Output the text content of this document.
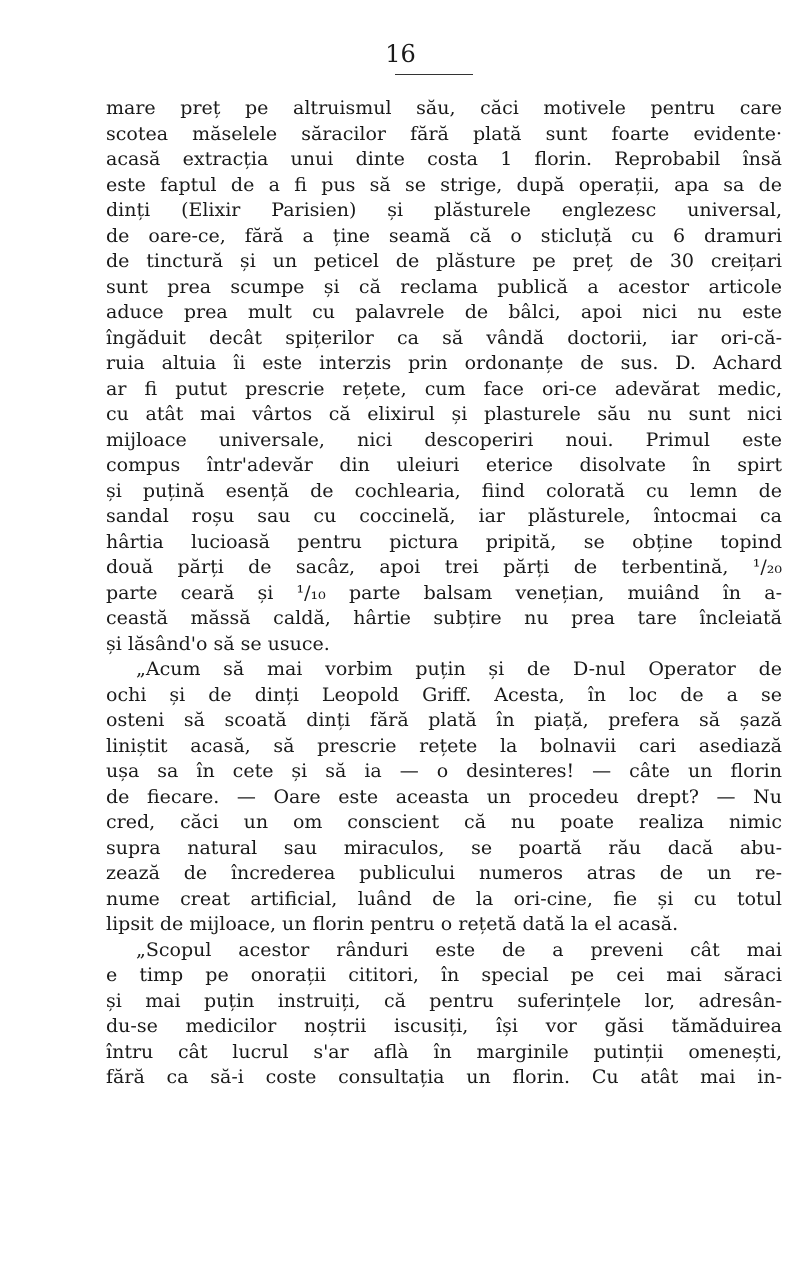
16
mare preț pe altruismul său, căci motivele pentru care
scotea măselele săracilor fără plată sunt foarte evidente·
acasă extracția unui dinte costa 1 florin. Reprobabil însă
este faptul de a fi pus să se strige, după operații, apa sa de
dinți (Elixir Parisien) și plăsturele englezesc universal,
de oare-ce, fără a ține seamă că o sticluță cu 6 dramuri
de tinctură și un peticel de plăsture pe preț de 30 creițari
sunt prea scumpe și că reclama publică a acestor articole
aduce prea mult cu palavrele de bâlci, apoi nici nu este
îngăduit decât spițerilor ca să vândă doctorii, iar ori-că-
ruia altuia îi este interzis prin ordonanțe de sus. D. Achard
ar fi putut prescrie rețete, cum face ori-ce adevărat medic,
cu atât mai vârtos că elixirul și plasturele său nu sunt nici
mijloace universale, nici descoperiri noui. Primul este
compus într'adevăr din uleiuri eterice disolvate în spirt
și puțină esență de cochlearia, fiind colorată cu lemn de
sandal roșu sau cu coccinelă, iar plăsturele, întocmai ca
hârtia lucioasă pentru pictura pripită, se obține topind
două părți de sacâz, apoi trei părți de terbentină, ¹/₂₀
parte ceară și ¹/₁₀ parte balsam venețian, muiând în a-
ceastă măssă caldă, hârtie subțire nu prea tare încleiată
și lăsând'o să se usuce.
„Acum să mai vorbim puțin și de D-nul Operator de
ochi și de dinți Leopold Griff. Acesta, în loc de a se
osteni să scoată dinți fără plată în piață, prefera să șază
liniștit acasă, să prescrie rețete la bolnavii cari asediază
ușa sa în cete și să ia — o desinteres! — câte un florin
de fiecare. — Oare este aceasta un procedeu drept? — Nu
cred, căci un om conscient că nu poate realiza nimic
supra natural sau miraculos, se poartă rău dacă abu-
zează de încrederea publicului numeros atras de un re-
nume creat artificial, luând de la ori-cine, fie și cu totul
lipsit de mijloace, un florin pentru o rețetă dată la el acasă.
„Scopul acestor rânduri este de a preveni cât mai
e timp pe onorații cititori, în special pe cei mai săraci
și mai puțin instruiți, că pentru suferințele lor, adresân-
du-se medicilor noștrii iscusiți, își vor găsi tămăduirea
întru cât lucrul s'ar aflà în marginile putinții omenești,
fără ca să-i coste consultația un florin. Cu atât mai in-
